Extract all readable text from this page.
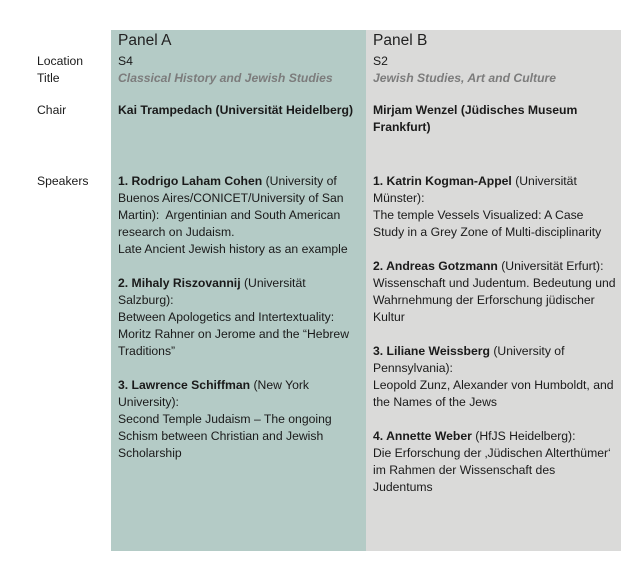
Location
Title
Chair
Speakers
Panel A
S4
Classical History and Jewish Studies
Kai Trampedach (Universität Heidelberg)
1. Rodrigo Laham Cohen (University of Buenos Aires/CONICET/University of San Martin): Argentinian and South American research on Judaism.
Late Ancient Jewish history as an example
2. Mihaly Riszovannij (Universität Salzburg):
Between Apologetics and Intertextuality: Moritz Rahner on Jerome and the “Hebrew Traditions”
3. Lawrence Schiffman (New York University):
Second Temple Judaism – The ongoing Schism between Christian and Jewish Scholarship
Panel B
S2
Jewish Studies, Art and Culture
Mirjam Wenzel (Jüdisches Museum Frankfurt)
1. Katrin Kogman-Appel (Universität Münster):
The temple Vessels Visualized: A Case Study in a Grey Zone of Multi-disciplinarity
2. Andreas Gotzmann (Universität Erfurt):
Wissenschaft und Judentum. Bedeutung und Wahrnehmung der Erforschung jüdischer Kultur
3. Liliane Weissberg (University of Pennsylvania):
Leopold Zunz, Alexander von Humboldt, and the Names of the Jews
4. Annette Weber (HfJS Heidelberg):
Die Erforschung der ‚Jüdischen Alterthümer‘ im Rahmen der Wissenschaft des Judentums
